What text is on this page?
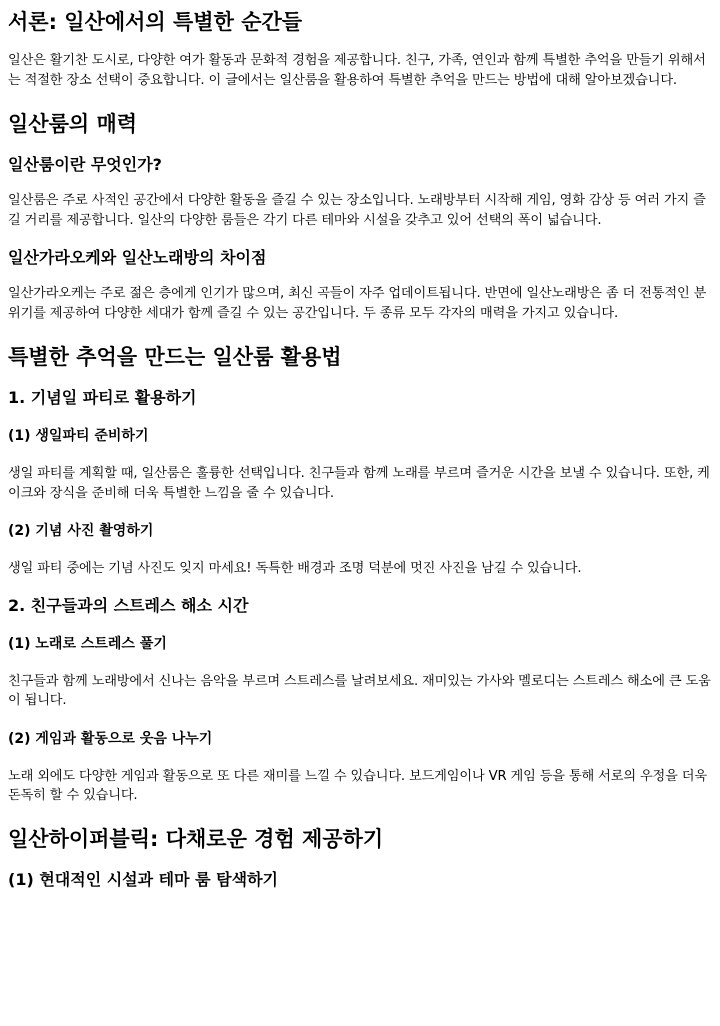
서론: 일산에서의 특별한 순간들

일산은 활기찬 도시로, 다양한 여가 활동과 문화적 경험을 제공합니다. 친구, 가족, 연인과 함께 특별한 추억을 만들기 위해서는 적절한 장소 선택이 중요합니다. 이 글에서는 일산룸을 활용하여 특별한 추억을 만드는 방법에 대해 알아보겠습니다.

일산룸의 매력
일산룸이란 무엇인가?

일산룸은 주로 사적인 공간에서 다양한 활동을 즐길 수 있는 장소입니다. 노래방부터 시작해 게임, 영화 감상 등 여러 가지 즐길 거리를 제공합니다. 일산의 다양한 룸들은 각기 다른 테마와 시설을 갖추고 있어 선택의 폭이 넓습니다.

일산가라오케와 일산노래방의 차이점

일산가라오케는 주로 젊은 층에게 인기가 많으며, 최신 곡들이 자주 업데이트됩니다. 반면에 일산노래방은 좀 더 전통적인 분위기를 제공하여 다양한 세대가 함께 즐길 수 있는 공간입니다. 두 종류 모두 각자의 매력을 가지고 있습니다.

특별한 추억을 만드는 일산룸 활용법
1. 기념일 파티로 활용하기
(1) 생일파티 준비하기

생일 파티를 계획할 때, 일산룸은 훌륭한 선택입니다. 친구들과 함께 노래를 부르며 즐거운 시간을 보낼 수 있습니다. 또한, 케이크와 장식을 준비해 더욱 특별한 느낌을 줄 수 있습니다.

(2) 기념 사진 촬영하기

생일 파티 중에는 기념 사진도 잊지 마세요! 독특한 배경과 조명 덕분에 멋진 사진을 남길 수 있습니다.

2. 친구들과의 스트레스 해소 시간
(1) 노래로 스트레스 풀기

친구들과 함께 노래방에서 신나는 음악을 부르며 스트레스를 날려보세요. 재미있는 가사와 멜로디는 스트레스 해소에 큰 도움이 됩니다.

(2) 게임과 활동으로 웃음 나누기

노래 외에도 다양한 게임과 활동으로 또 다른 재미를 느낄 수 있습니다. 보드게임이나 VR 게임 등을 통해 서로의 우정을 더욱 돈독히 할 수 있습니다.

일산하이퍼블릭: 다채로운 경험 제공하기
(1) 현대적인 시설과 테마 룸 탐색하기
